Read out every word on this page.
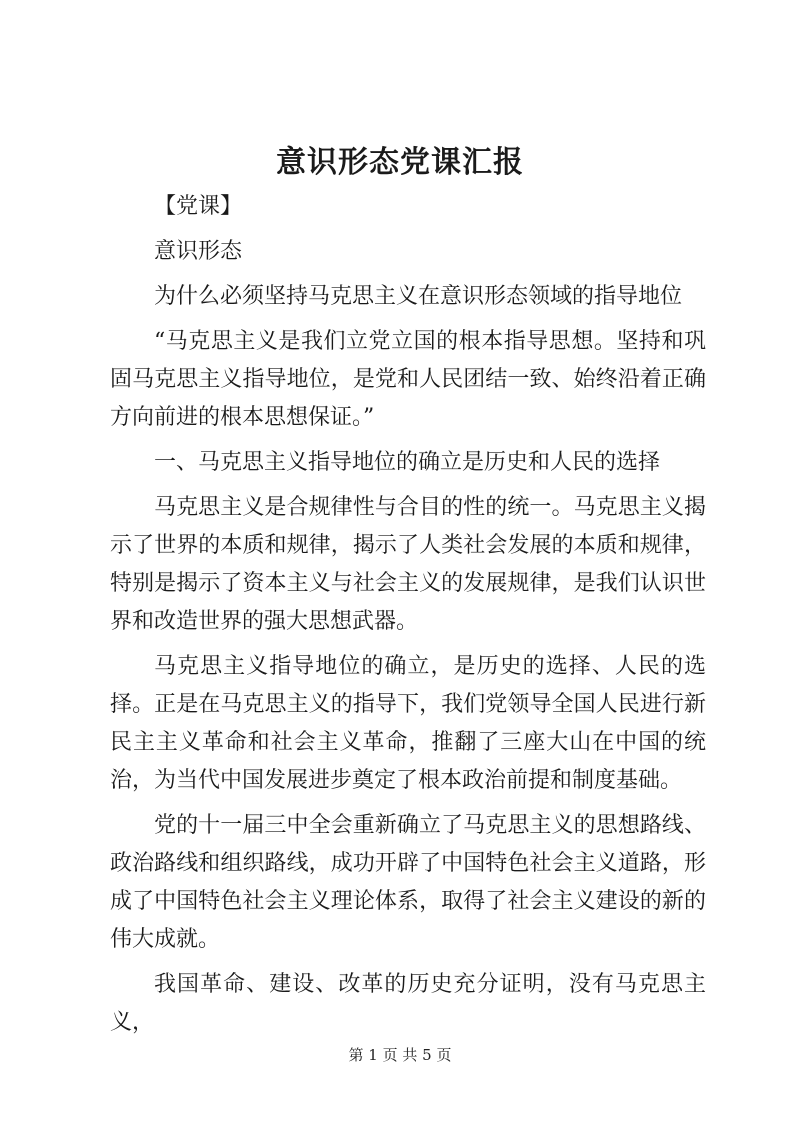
意识形态党课汇报

【党课】

意识形态

为什么必须坚持马克思主义在意识形态领域的指导地位

“马克思主义是我们立党立国的根本指导思想。坚持和巩固马克思主义指导地位，是党和人民团结一致、始终沿着正确方向前进的根本思想保证。”

一、马克思主义指导地位的确立是历史和人民的选择

马克思主义是合规律性与合目的性的统一。马克思主义揭示了世界的本质和规律，揭示了人类社会发展的本质和规律，特别是揭示了资本主义与社会主义的发展规律，是我们认识世界和改造世界的强大思想武器。

马克思主义指导地位的确立，是历史的选择、人民的选择。正是在马克思主义的指导下，我们党领导全国人民进行新民主主义革命和社会主义革命，推翻了三座大山在中国的统治，为当代中国发展进步奠定了根本政治前提和制度基础。

党的十一届三中全会重新确立了马克思主义的思想路线、政治路线和组织路线，成功开辟了中国特色社会主义道路，形成了中国特色社会主义理论体系，取得了社会主义建设的新的伟大成就。

我国革命、建设、改革的历史充分证明，没有马克思主义，

第 1 页 共 5 页
